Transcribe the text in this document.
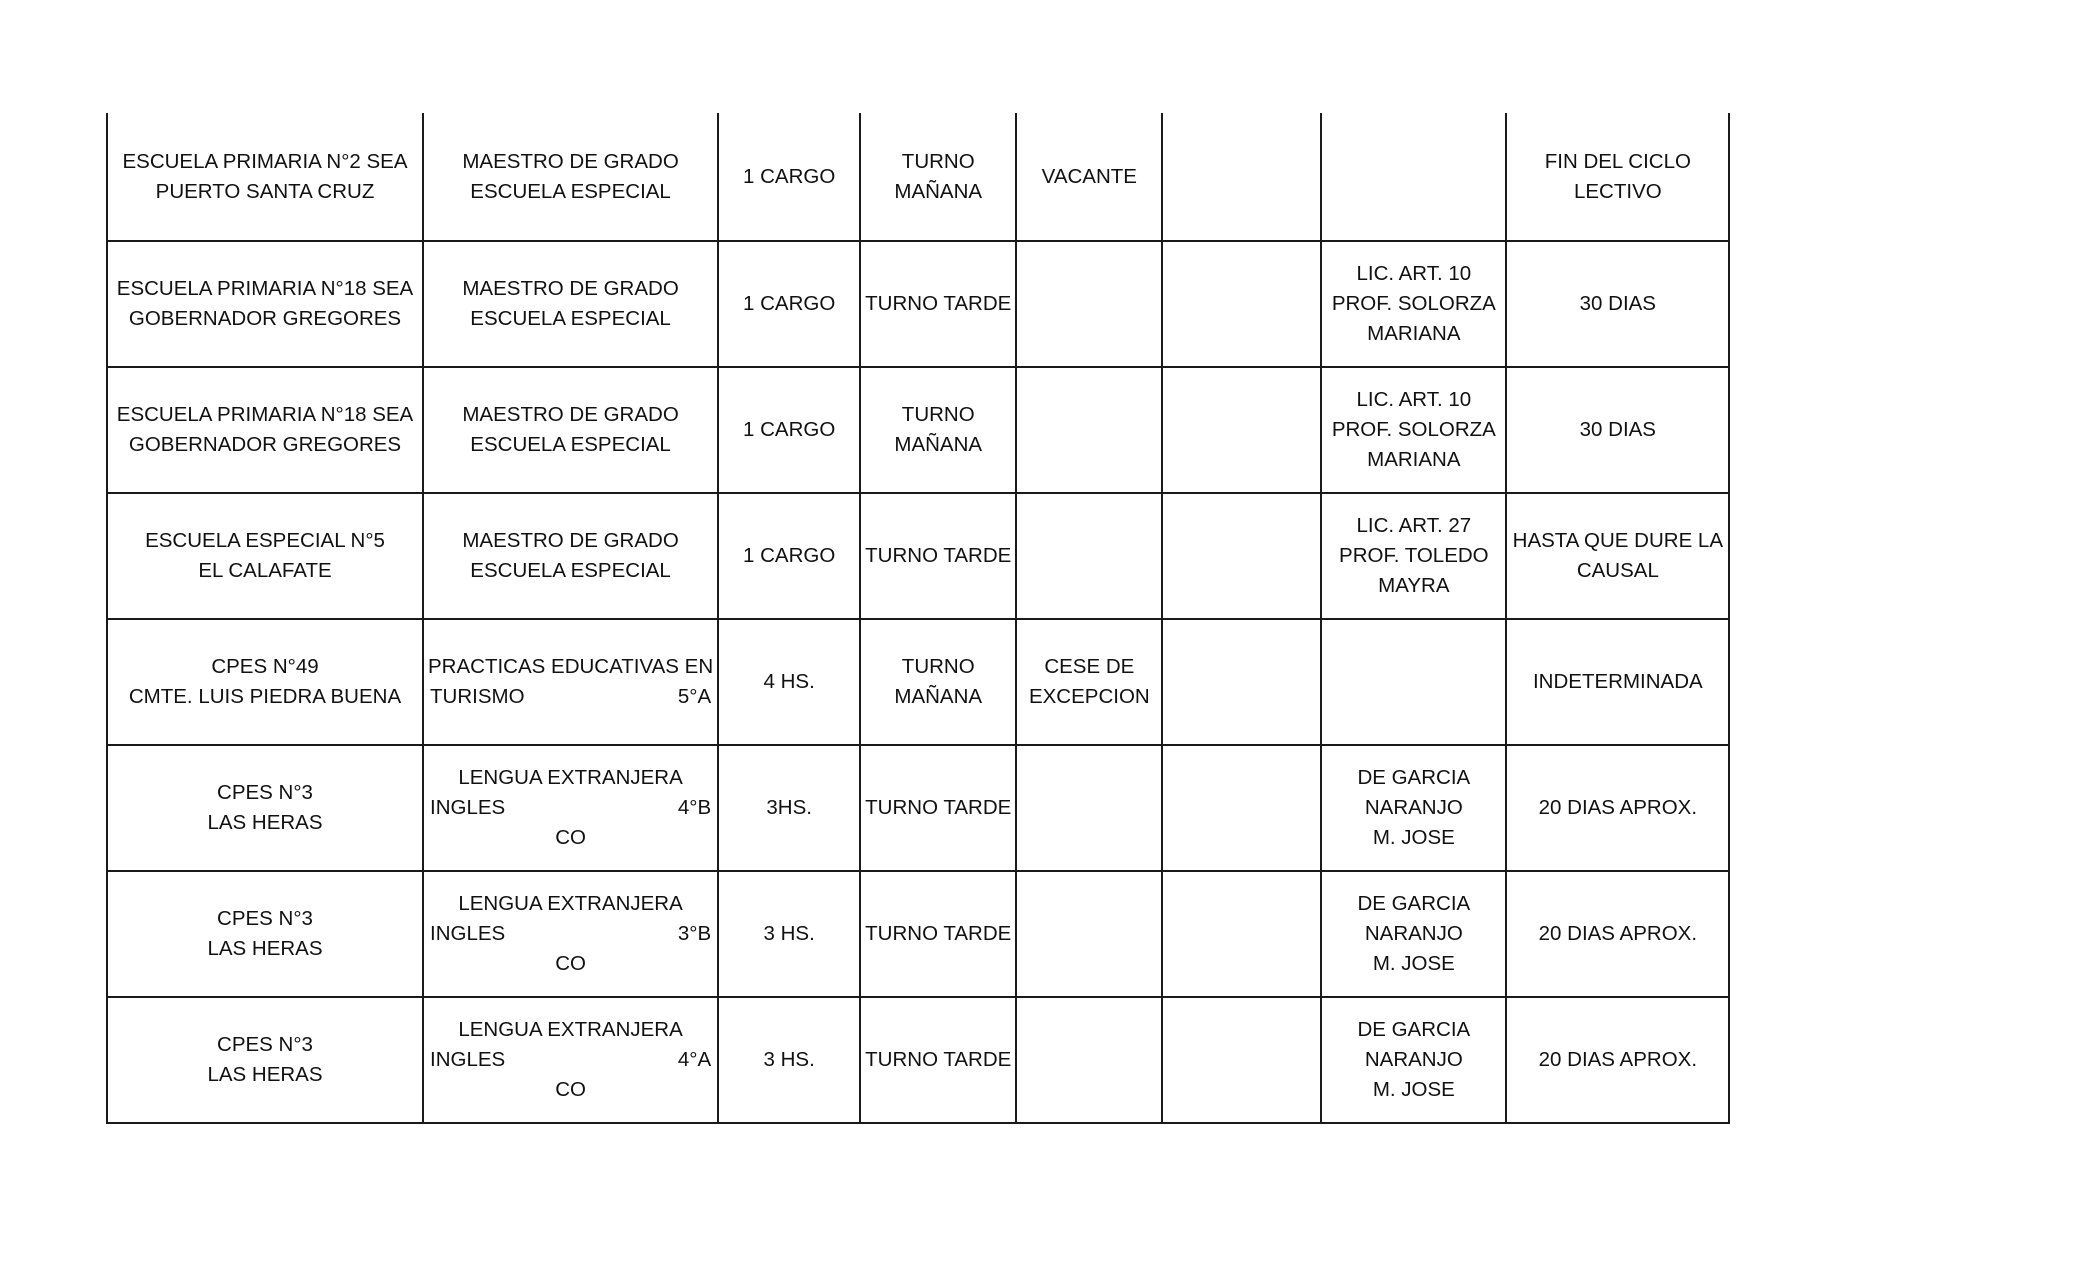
ESCUELA PRIMARIA N°2 SEA
PUERTO SANTA CRUZ	MAESTRO DE GRADO
ESCUELA ESPECIAL	1 CARGO	TURNO
MAÑANA	VACANTE			FIN DEL CICLO
LECTIVO

ESCUELA PRIMARIA N°18 SEA
GOBERNADOR GREGORES	MAESTRO DE GRADO
ESCUELA ESPECIAL	1 CARGO	TURNO TARDE			LIC. ART. 10
PROF. SOLORZA
MARIANA	30 DIAS

ESCUELA PRIMARIA N°18 SEA
GOBERNADOR GREGORES	MAESTRO DE GRADO
ESCUELA ESPECIAL	1 CARGO	TURNO
MAÑANA			LIC. ART. 10
PROF. SOLORZA
MARIANA	30 DIAS

ESCUELA ESPECIAL N°5
EL CALAFATE	MAESTRO DE GRADO
ESCUELA ESPECIAL	1 CARGO	TURNO TARDE			LIC. ART. 27
PROF. TOLEDO
MAYRA	HASTA QUE DURE LA
CAUSAL

CPES N°49
CMTE. LUIS PIEDRA BUENA	PRACTICAS EDUCATIVAS EN
TURISMO 5°A	4 HS.	TURNO
MAÑANA	CESE DE
EXCEPCION			INDETERMINADA

CPES N°3
LAS HERAS	LENGUA EXTRANJERA
INGLES 4°B
CO	3HS.	TURNO TARDE			DE GARCIA
NARANJO
M. JOSE	20 DIAS APROX.

CPES N°3
LAS HERAS	LENGUA EXTRANJERA
INGLES 3°B
CO	3 HS.	TURNO TARDE			DE GARCIA
NARANJO
M. JOSE	20 DIAS APROX.

CPES N°3
LAS HERAS	LENGUA EXTRANJERA
INGLES 4°A
CO	3 HS.	TURNO TARDE			DE GARCIA
NARANJO
M. JOSE	20 DIAS APROX.
